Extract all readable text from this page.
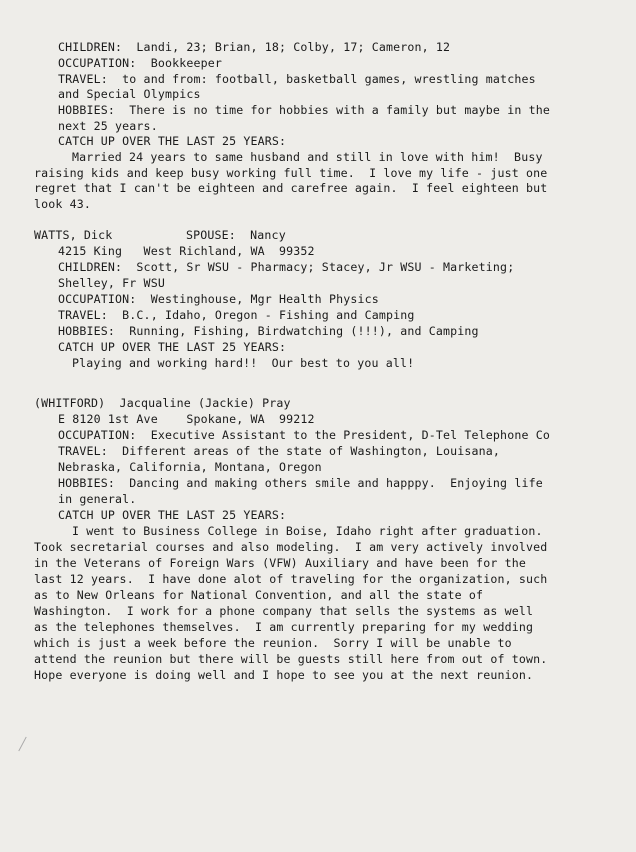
CHILDREN:  Landi, 23; Brian, 18; Colby, 17; Cameron, 12
OCCUPATION:  Bookkeeper
TRAVEL:  to and from: football, basketball games, wrestling matches
and Special Olympics
HOBBIES:  There is no time for hobbies with a family but maybe in the
next 25 years.
CATCH UP OVER THE LAST 25 YEARS:
Married 24 years to same husband and still in love with him!  Busy
raising kids and keep busy working full time.  I love my life - just one
regret that I can't be eighteen and carefree again.  I feel eighteen but
look 43.
WATTS, Dick	SPOUSE:  Nancy
4215 King   West Richland, WA  99352
CHILDREN:  Scott, Sr WSU - Pharmacy; Stacey, Jr WSU - Marketing;
Shelley, Fr WSU
OCCUPATION:  Westinghouse, Mgr Health Physics
TRAVEL:  B.C., Idaho, Oregon - Fishing and Camping
HOBBIES:  Running, Fishing, Birdwatching (!!!), and Camping
CATCH UP OVER THE LAST 25 YEARS:
Playing and working hard!!  Our best to you all!
(WHITFORD)  Jacqualine (Jackie) Pray
E 8120 1st Ave    Spokane, WA  99212
OCCUPATION:  Executive Assistant to the President, D-Tel Telephone Co
TRAVEL:  Different areas of the state of Washington, Louisana,
Nebraska, California, Montana, Oregon
HOBBIES:  Dancing and making others smile and happpy.  Enjoying life
in general.
CATCH UP OVER THE LAST 25 YEARS:
I went to Business College in Boise, Idaho right after graduation.
Took secretarial courses and also modeling.  I am very actively involved
in the Veterans of Foreign Wars (VFW) Auxiliary and have been for the
last 12 years.  I have done alot of traveling for the organization, such
as to New Orleans for National Convention, and all the state of
Washington.  I work for a phone company that sells the systems as well
as the telephones themselves.  I am currently preparing for my wedding
which is just a week before the reunion.  Sorry I will be unable to
attend the reunion but there will be guests still here from out of town.
Hope everyone is doing well and I hope to see you at the next reunion.
